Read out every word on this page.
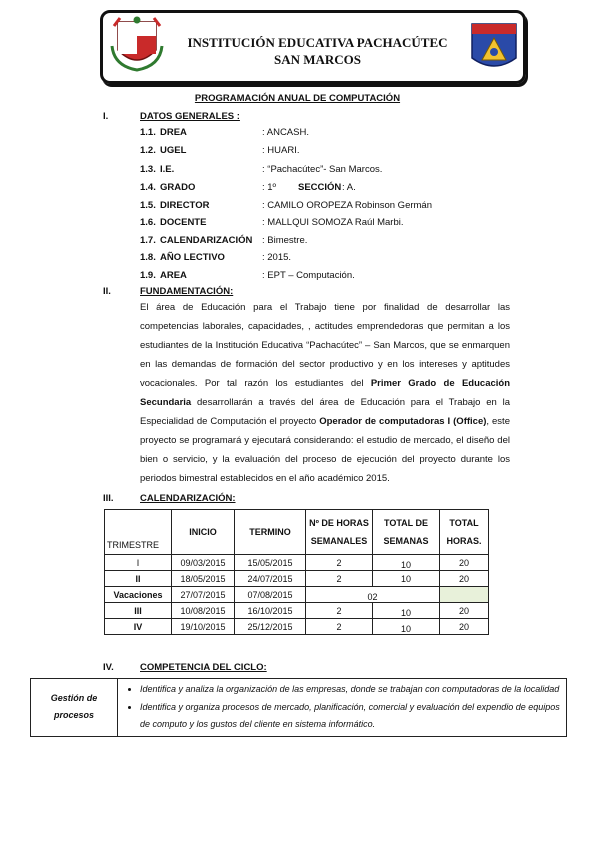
INSTITUCIÓN EDUCATIVA PACHACÚTEC
SAN MARCOS
PROGRAMACIÓN ANUAL DE COMPUTACIÓN
I.	DATOS GENERALES :
1.1. DREA	: ANCASH.
1.2. UGEL	: HUARI.
1.3. I.E.	: “Pachacútec”- San Marcos.
1.4. GRADO	: 1º SECCIÓN : A.
1.5. DIRECTOR	: CAMILO OROPEZA Robinson Germán
1.6. DOCENTE	: MALLQUI SOMOZA Raúl Marbi.
1.7. CALENDARIZACIÓN : Bimestre.
1.8. AÑO LECTIVO	: 2015.
1.9. AREA	: EPT – Computación.
II.	FUNDAMENTACIÓN:
El área de Educación para el Trabajo tiene por finalidad de desarrollar las competencias laborales, capacidades, , actitudes emprendedoras que permitan a los estudiantes de la Institución Educativa “Pachacútec” – San Marcos, que se enmarquen en las demandas de formación del sector productivo y en los intereses y aptitudes vocacionales. Por tal razón los estudiantes del Primer Grado de Educación Secundaria desarrollarán a través del área de Educación para el Trabajo en la Especialidad de Computación el proyecto Operador de computadoras I (Office), este proyecto se programará y ejecutará considerando: el estudio de mercado, el diseño del bien o servicio, y la evaluación del proceso de ejecución del proyecto durante los periodos bimestral establecidos en el año académico 2015.
III.	CALENDARIZACIÓN:
TRIMESTRE	INICIO	TERMINO	Nº DE HORAS SEMANALES	TOTAL DE SEMANAS	TOTAL HORAS.
I	09/03/2015	15/05/2015	2	10	20
II	18/05/2015	24/07/2015	2	10	20
Vacaciones	27/07/2015	07/08/2015	02		
III	10/08/2015	16/10/2015	2	10	20
IV	19/10/2015	25/12/2015	2	10	20
IV.	COMPETENCIA DEL CICLO:
Gestión de procesos

• Identifica y analiza la organización de las empresas, donde se trabajan con computadoras de la localidad
• Identifica y organiza procesos de mercado, planificación, comercial y evaluación del expendio de equipos de computo y los gustos del cliente en sistema informático.
